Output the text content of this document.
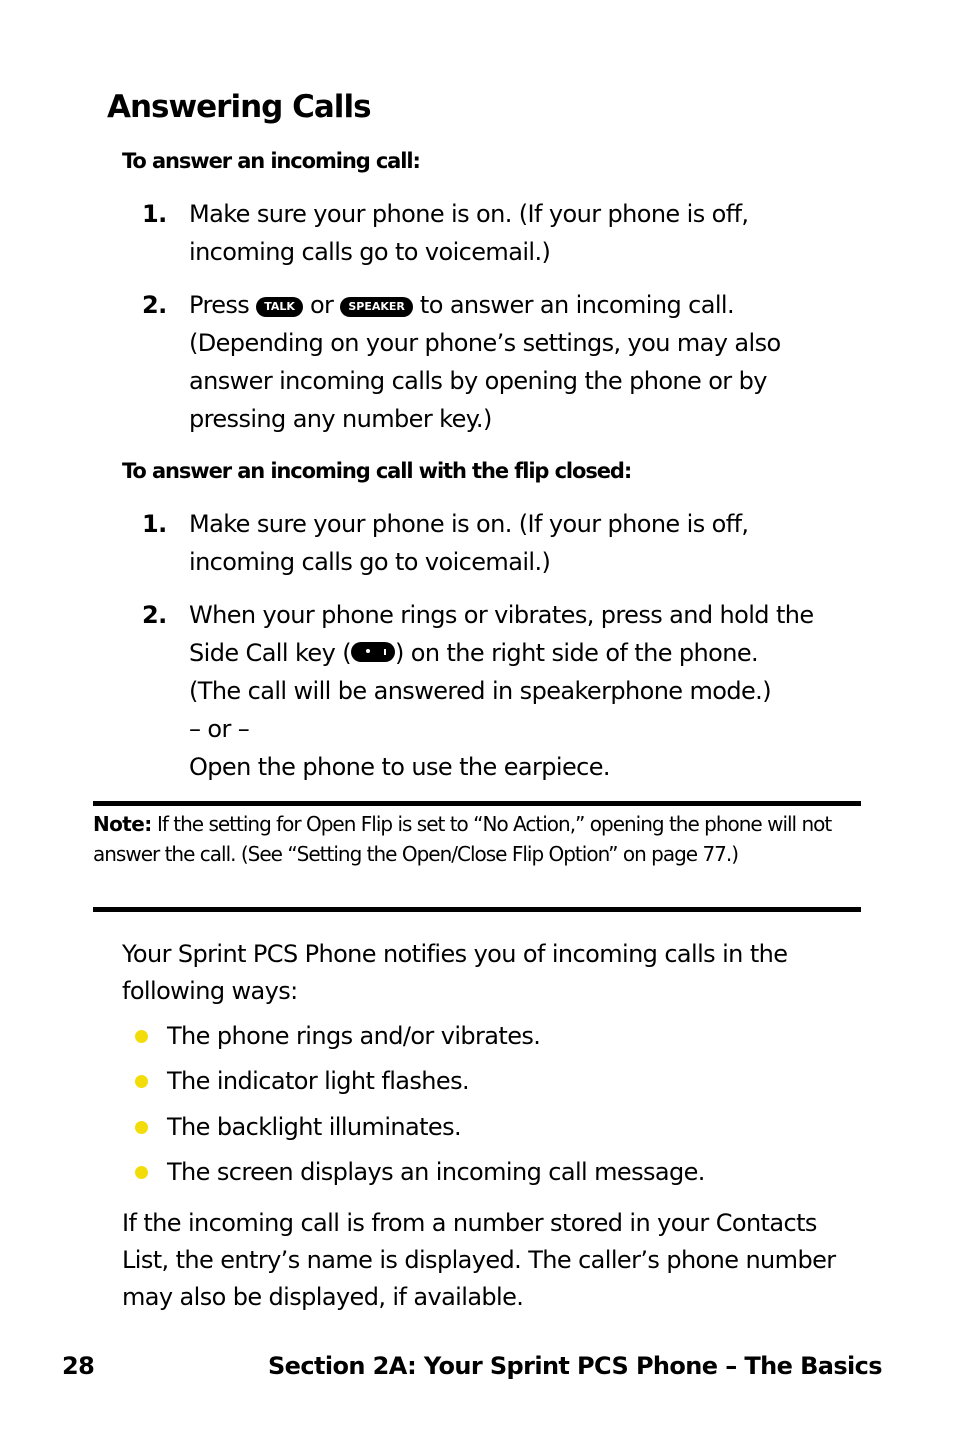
Answering Calls
To answer an incoming call:
1. Make sure your phone is on. (If your phone is off, incoming calls go to voicemail.)
2. Press TALK or SPEAKER to answer an incoming call. (Depending on your phone’s settings, you may also answer incoming calls by opening the phone or by pressing any number key.)
To answer an incoming call with the flip closed:
1. Make sure your phone is on. (If your phone is off, incoming calls go to voicemail.)
2. When your phone rings or vibrates, press and hold the
Side Call key ( ) on the right side of the phone.
(The call will be answered in speakerphone mode.)
– or –
Open the phone to use the earpiece.

Note: If the setting for Open Flip is set to “No Action,” opening the phone will not answer the call. (See “Setting the Open/Close Flip Option” on page 77.)

Your Sprint PCS Phone notifies you of incoming calls in the following ways:

The phone rings and/or vibrates.
The indicator light flashes.
The backlight illuminates.
The screen displays an incoming call message.

If the incoming call is from a number stored in your Contacts List, the entry’s name is displayed. The caller’s phone number may also be displayed, if available.

28	Section 2A: Your Sprint PCS Phone – The Basics
